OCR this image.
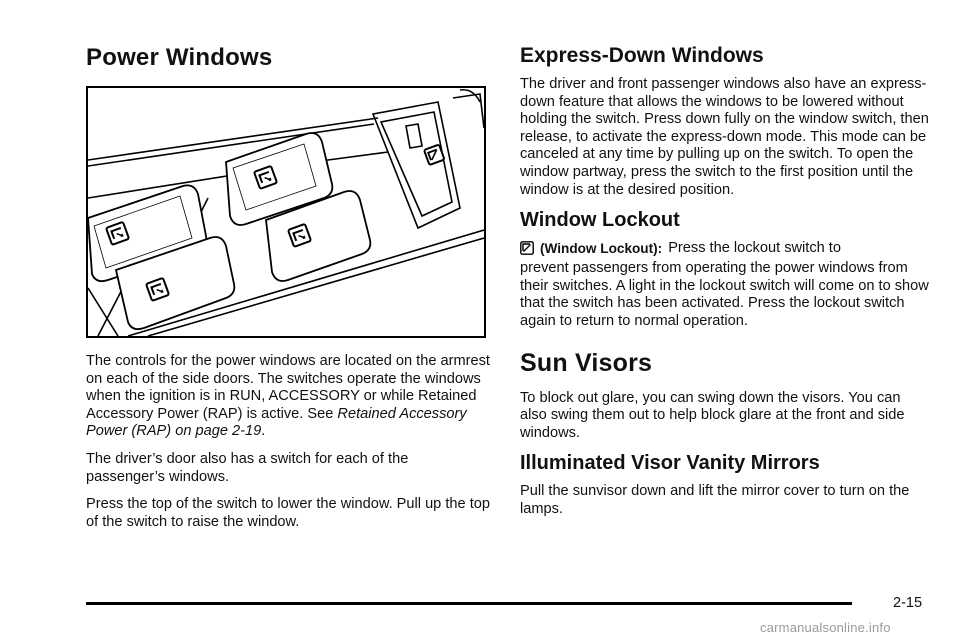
Power Windows

The controls for the power windows are located on the armrest on each of the side doors. The switches operate the windows when the ignition is in RUN, ACCESSORY or while Retained Accessory Power (RAP) is active. See Retained Accessory Power (RAP) on page 2-19.

The driver’s door also has a switch for each of the passenger’s windows.

Press the top of the switch to lower the window. Pull up the top of the switch to raise the window.

Express-Down Windows

The driver and front passenger windows also have an express-down feature that allows the windows to be lowered without holding the switch. Press down fully on the window switch, then release, to activate the express-down mode. This mode can be canceled at any time by pulling up on the switch. To open the window partway, press the switch to the first position until the window is at the desired position.

Window Lockout
(Window Lockout): Press the lockout switch to

prevent passengers from operating the power windows from their switches. A light in the lockout switch will come on to show that the switch has been activated. Press the lockout switch again to return to normal operation.

Sun Visors

To block out glare, you can swing down the visors. You can also swing them out to help block glare at the front and side windows.

Illuminated Visor Vanity Mirrors

Pull the sunvisor down and lift the mirror cover to turn on the lamps.

2-15
carmanualsonline.info
